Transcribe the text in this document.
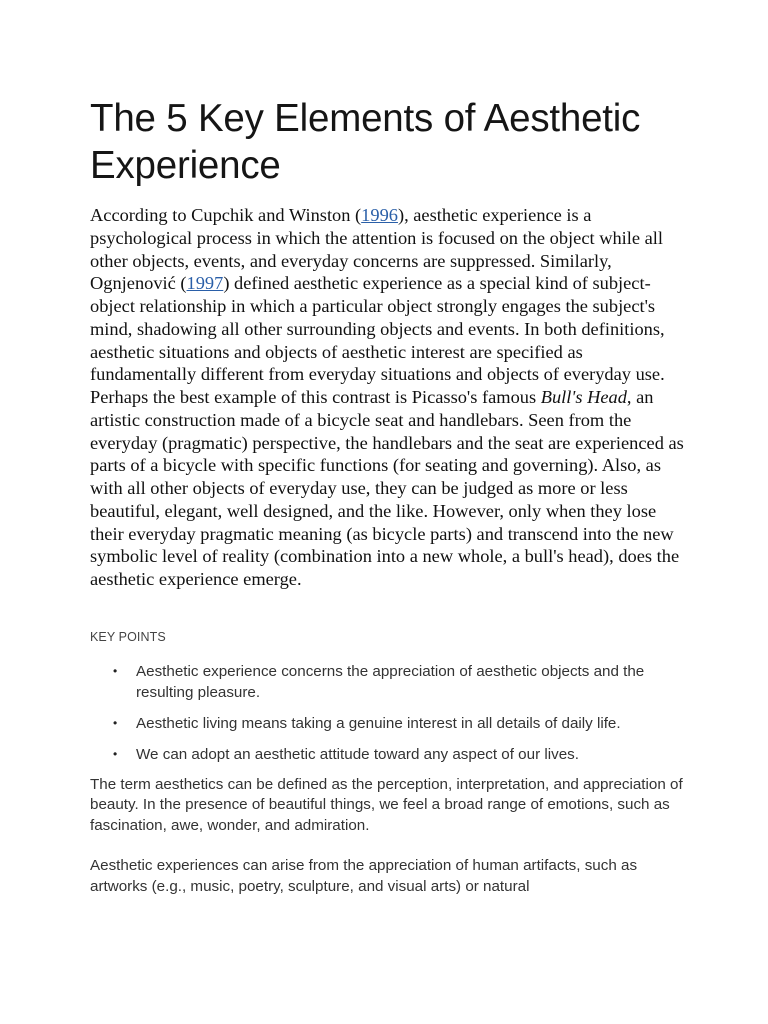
The 5 Key Elements of Aesthetic Experience

According to Cupchik and Winston (1996), aesthetic experience is a psychological process in which the attention is focused on the object while all other objects, events, and everyday concerns are suppressed. Similarly, Ognjenović (1997) defined aesthetic experience as a special kind of subject-object relationship in which a particular object strongly engages the subject's mind, shadowing all other surrounding objects and events. In both definitions, aesthetic situations and objects of aesthetic interest are specified as fundamentally different from everyday situations and objects of everyday use. Perhaps the best example of this contrast is Picasso's famous Bull's Head, an artistic construction made of a bicycle seat and handlebars. Seen from the everyday (pragmatic) perspective, the handlebars and the seat are experienced as parts of a bicycle with specific functions (for seating and governing). Also, as with all other objects of everyday use, they can be judged as more or less beautiful, elegant, well designed, and the like. However, only when they lose their everyday pragmatic meaning (as bicycle parts) and transcend into the new symbolic level of reality (combination into a new whole, a bull's head), does the aesthetic experience emerge.

KEY POINTS
• Aesthetic experience concerns the appreciation of aesthetic objects and the resulting pleasure.
• Aesthetic living means taking a genuine interest in all details of daily life.
• We can adopt an aesthetic attitude toward any aspect of our lives.

The term aesthetics can be defined as the perception, interpretation, and appreciation of beauty. In the presence of beautiful things, we feel a broad range of emotions, such as fascination, awe, wonder, and admiration.

Aesthetic experiences can arise from the appreciation of human artifacts, such as artworks (e.g., music, poetry, sculpture, and visual arts) or natural
